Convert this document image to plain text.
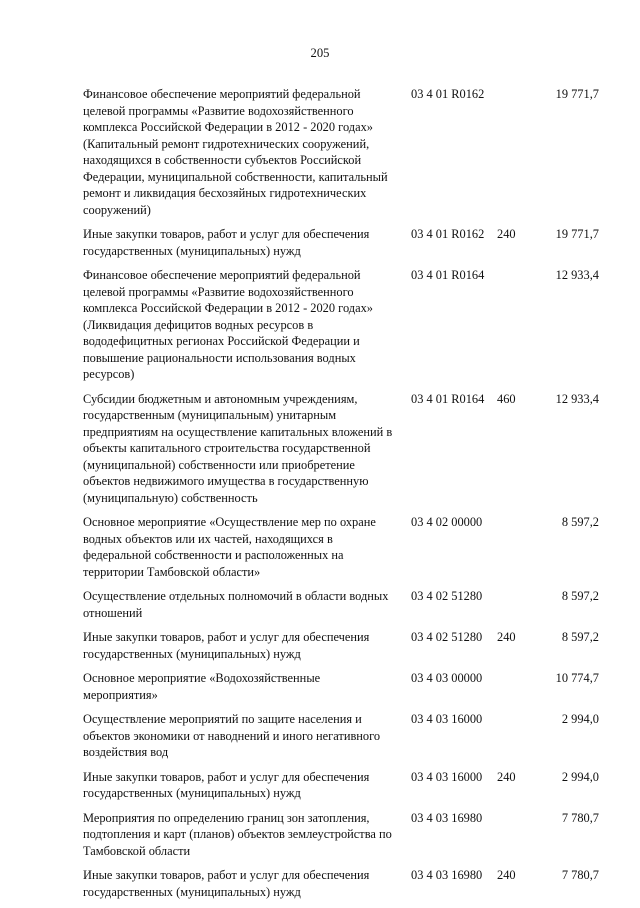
205
Финансовое обеспечение мероприятий федеральной целевой программы «Развитие водохозяйственного комплекса Российской Федерации в 2012 - 2020 годах» (Капитальный ремонт гидротехнических сооружений, находящихся в собственности субъектов Российской Федерации, муниципальной собственности, капитальный ремонт и ликвидация бесхозяйных гидротехнических сооружений)
03 4 01 R0162	19 771,7
Иные закупки товаров, работ и услуг для обеспечения государственных (муниципальных) нужд
03 4 01 R0162 240	19 771,7
Финансовое обеспечение мероприятий федеральной целевой программы «Развитие водохозяйственного комплекса Российской Федерации в 2012 - 2020 годах» (Ликвидация дефицитов водных ресурсов в вододефицитных регионах Российской Федерации и повышение рациональности использования водных ресурсов)
03 4 01 R0164	12 933,4
Субсидии бюджетным и автономным учреждениям, государственным (муниципальным) унитарным предприятиям на осуществление капитальных вложений в объекты капитального строительства государственной (муниципальной) собственности или приобретение объектов недвижимого имущества в государственную (муниципальную) собственность
03 4 01 R0164 460	12 933,4
Основное мероприятие «Осуществление мер по охране водных объектов или их частей, находящихся в федеральной собственности и расположенных на территории Тамбовской области»
03 4 02 00000	8 597,2
Осуществление отдельных полномочий в области водных отношений
03 4 02 51280	8 597,2
Иные закупки товаров, работ и услуг для обеспечения государственных (муниципальных) нужд
03 4 02 51280 240	8 597,2
Основное мероприятие «Водохозяйственные мероприятия»
03 4 03 00000	10 774,7
Осуществление мероприятий по защите населения и объектов экономики от наводнений и иного негативного воздействия вод
03 4 03 16000	2 994,0
Иные закупки товаров, работ и услуг для обеспечения государственных (муниципальных) нужд
03 4 03 16000 240	2 994,0
Мероприятия по определению границ зон затопления, подтопления и карт (планов) объектов землеустройства по Тамбовской области
03 4 03 16980	7 780,7
Иные закупки товаров, работ и услуг для обеспечения государственных (муниципальных) нужд
03 4 03 16980 240	7 780,7
